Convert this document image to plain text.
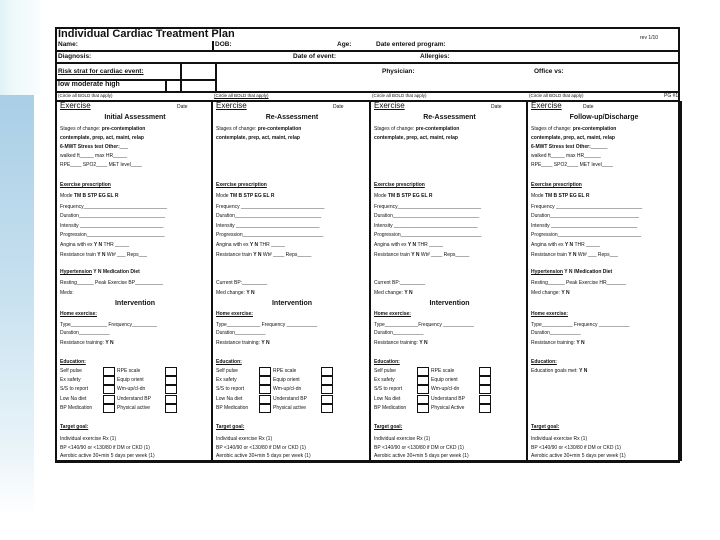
Individual Cardiac Treatment Plan	rev 1/10
Name:	DOB:	Age:	Date entered program:
Diagnosis:	Date of event:	Allergies:
Risk strat for cardiac event:	Physician:	Office vs:
low moderate high
(Circle all BOLD that apply)	(Circle all BOLD that apply)	(Circle all BOLD that apply)	(Circle all BOLD that apply)	PG #1
Exercise	Date
Initial Assessment
Stages of change: pre-contemplation
contemplate, prep, act, maint, relap
6-MWT Stress test Other:___
walked ft_____ max HR_____
RPE____ SPO2____ MET level____
Exercise prescription
Mode TM B STP EG EL R
Frequency______________________________
Duration_______________________________
Intensity ______________________________
Progression____________________________
Angina with ex Y N THR _____
Resistance train Y N Wt# ___ Reps___
Hypertension Y N Medication Diet
Resting______ Peak Exercise BP__________
Meds:
Intervention
Home exercise:
Type_____________ Frequency_________
Duration___________
Resistance training: Y N
Education:
Self pulse	RPE scale
Ex safety	Equip orient
S/S to report	Wm-up/cl-dn
Low Na diet	Understand BP
BP Medication	Physical active
Target goal:
Individual exercise Rx (1)
BP <140/90 or <130/80 if DM or CKD (1)
Aerobic active 30+min 5 days per week (1)
Exercise	Date
Re-Assessment
Stages of change: pre-contemplation
contemplate, prep, act, maint, relap
Exercise prescription
Mode TM B STP EG EL R
Frequency ______________________________
Duration_______________________________
Intensity ______________________________
Progression_____________________________
Angina with ex Y N THR _____
Resistance train Y N Wt# ____ Reps_____
Current BP:_________
Med change: Y N
Intervention
Home exercise:
Type____________ Frequency ___________
Duration___________
Resistance training: Y N
Education:
Self pulse	RPE scale
Ex safety	Equip orient
S/S to report	Wm-up/cl-dn
Low Na diet	Understand BP
BP Medication	Physical active
Target goal:
Individual exercise Rx (1)
BP <140/90 or <130/80 if DM or CKD (1)
Aerobic active 30+min 5 days per week (1)
Exercise	Date
Re-Assessment
Stages of change: pre-contemplation
contemplate, prep, act, maint, relap
Exercise prescription
Mode TM B STP EG EL R
Frequency______________________________
Duration_______________________________
Intensity ______________________________
Progression_____________________________
Angina with ex Y N THR _____
Resistance train Y N Wt# ____ Reps_____
Current BP:_________
Med change: Y N
Intervention
Home exercise:
Type____________Frequency ___________
Duration___________
Resistance training: Y N
Education:
Self pulse	RPE scale
Ex safety	Equip orient
S/S to report	Wm-up/cl-dn
Low Na diet	Understand BP
BP Medication	Physical Active
Target goal:
Individual exercise Rx (1)
BP <140/90 or <130/80 if DM or CKD (1)
Aerobic active 30+min 5 days per week (1)
Exercise	Date
Follow-up/Discharge
Stages of change: pre-contemplation
contemplate, prep, act, maint, relap
6-MWT Stress test Other:______
walked ft_____ max HR______
RPE____ SPO2____ MET level____
Exercise prescription
Mode TM B STP EG EL R
Frequency _______________________________
Duration________________________________
Intensity _______________________________
Progression______________________________
Angina with ex Y N THR _____
Resistance train Y N Wt# ___ Reps___
Hypertension Y N /Medication Diet
Resting______ Peak Exercise HR_______
Med change: Y N
Home exercise:
Type___________ Frequency ___________
Duration___________
Resistance training: Y N
Education:
Education goals met: Y N
Target goal:
Individual exercise Rx (1)
BP <140/90 or <130/80 if DM or CKD (1)
Aerobic active 30+min 5 days per week (1)
